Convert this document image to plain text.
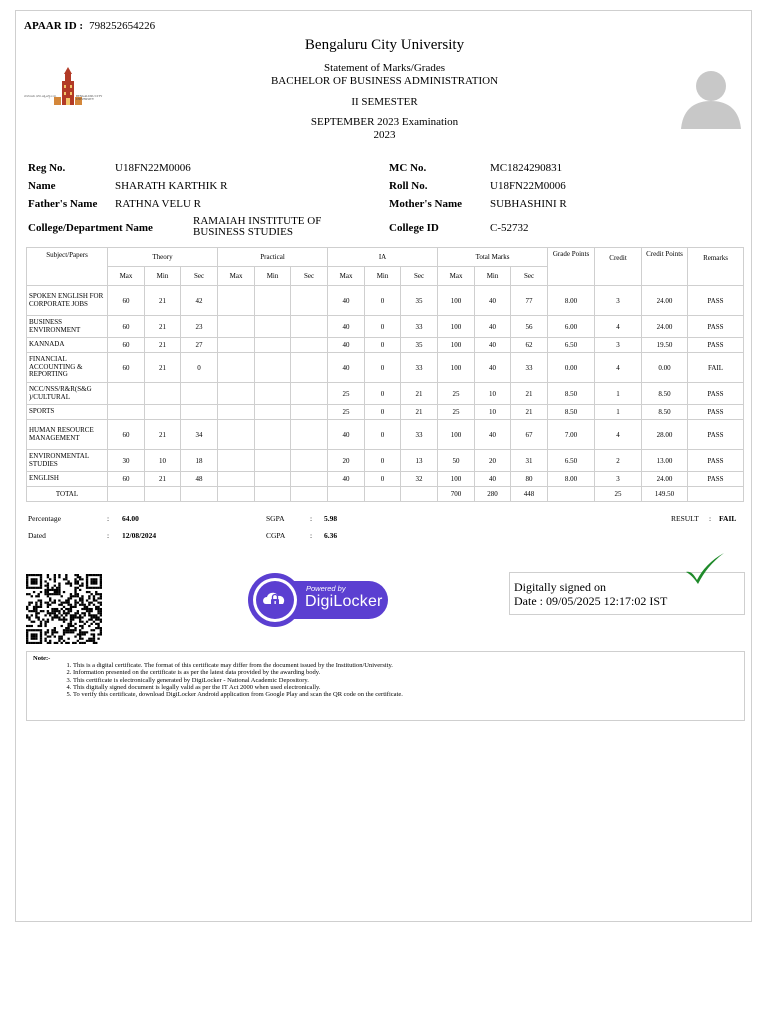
APAAR ID : 798252654226
Bengaluru City University
Statement of Marks/Grades
BACHELOR OF BUSINESS ADMINISTRATION
II SEMESTER
SEPTEMBER 2023 Examination
2023
ಬೆಂಗಳೂರು ನಗರ ವಿಶ್ವವಿದ್ಯಾಲಯ	BENGALURU CITY UNIVERSITY
Reg No.	U18FN22M0006	MC No.	MC1824290831
Name	SHARATH KARTHIK R	Roll No.	U18FN22M0006
Father's Name RATHNA VELU R	Mother's Name	SUBHASHINI R
College/Department Name
RAMAIAH INSTITUTE OF
BUSINESS STUDIES	College ID	C-52732
Subject/Papers	Theory			Practical			IA			Total Marks			Grade Points	Credit	Credit Points	Remarks
	Max	Min	Sec	Max	Min	Sec	Max	Min	Sec	Max	Min	Sec				
SPOKEN ENGLISH FOR CORPORATE JOBS	60	21	42				40	0	35	100	40	77	8.00	3	24.00	PASS
BUSINESS ENVIRONMENT	60	21	23				40	0	33	100	40	56	6.00	4	24.00	PASS
KANNADA	60	21	27				40	0	35	100	40	62	6.50	3	19.50	PASS
FINANCIAL ACCOUNTING & REPORTING	60	21	0				40	0	33	100	40	33	0.00	4	0.00	FAIL
NCC/NSS/R&R(S&G )/CULTURAL							25	0	21	25	10	21	8.50	1	8.50	PASS
SPORTS							25	0	21	25	10	21	8.50	1	8.50	PASS
HUMAN RESOURCE MANAGEMENT	60	21	34				40	0	33	100	40	67	7.00	4	28.00	PASS
ENVIRONMENTAL STUDIES	30	10	18				20	0	13	50	20	31	6.50	2	13.00	PASS
ENGLISH	60	21	48				40	0	32	100	40	80	8.00	3	24.00	PASS
TOTAL										700	280	448		25	149.50	
Percentage	: 64.00	SGPA	: 5.98	RESULT : FAIL
Dated	: 12/08/2024	CGPA	: 6.36
Powered by
DigiLocker
Digitally signed on
Date : 09/05/2025 12:17:02 IST
Note:-
1. This is a digital certificate. The format of this certificate may differ from the document issued by the Institution/University.
2. Information presented on the certificate is as per the latest data provided by the awarding body.
3. This certificate is electronically generated by DigiLocker - National Academic Depository.
4. This digitally signed document is legally valid as per the IT Act 2000 when used electronically.
5. To verify this certificate, download DigiLocker Android application from Google Play and scan the QR code on the certificate.
